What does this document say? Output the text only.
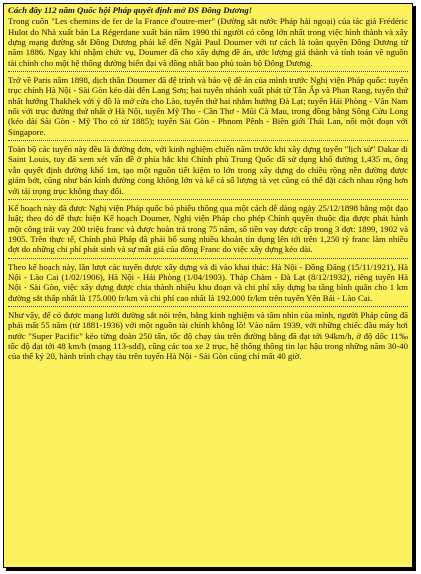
Cách đây 112 năm Quốc hội Pháp quyết định mở ĐS Đông Dương!

Trong cuốn "Les chemins de fer de la France d'outre-mer" (Đường sắt nước Pháp hải ngoại) của tác giả Frédéric Hulot do Nhà xuất bản La Régerdane xuất bản năm 1990 thì người có công lớn nhất trong việc hình thành và xây dựng mạng đường sắt Đông Dương phải kể đến Ngài Paul Doumer với tư cách là toàn quyền Đông Dương từ năm 1886. Ngay khi nhậm chức vụ, Doumer đã cho xây dựng đề án, ước lượng giá thành và tính toán về nguồn tài chính cho một hệ thống đường biển đại và đồng nhất bao phủ toàn bộ Đông Dương.

Trở về Paris năm 1898, dịch thân Doumer đã đệ trình và bảo vệ đề án của mình trước Nghị viện Pháp quốc: tuyến trục chính Hà Nội - Sài Gòn kéo dài đến Lang Sơn; hai tuyến nhánh xuất phát từ Tân Ấp và Phan Rang, tuyến thứ nhất hướng Thakhek với ý đồ là mở cửa cho Lào, tuyến thứ hai nhằm hướng Đà Lạt; tuyến Hải Phòng - Vân Nam nối với trục đường thứ nhất ở Hà Nội, tuyến Mỹ Tho - Cần Thơ - Mũi Cà Mau, trong đồng bằng Sông Cửu Long (kéo dài Sài Gòn - Mỹ Tho có từ 1885); tuyến Sài Gòn - Phnom Pênh - Biên giới Thái Lan, nối một đoạn với Singapore.

Toàn bộ các tuyến này đều là đường đơn, với kinh nghiệm chiến năm trước khi xây dựng tuyến "lịch sử" Dakar đi Saint Louis, tuy đã xem xét vấn đề ở phía bắc khi Chính phủ Trung Quốc đã sử dụng khổ đường 1,435 m, ông vẫn quyết định đường khổ 1m, tạo một nguồn tiết kiệm to lớn trong xây dựng do chiều rộng nền đường được giảm bớt, cũng như bán kính đường cong không lớn và kể cả số lượng tà vẹt cũng có thể đặt cách nhau rộng hơn với tải trọng trục không thay đổi.

Kế hoạch này đã được Nghị viện Pháp quốc bỏ phiếu thông qua một cách dễ dàng ngày 25/12/1898 bằng một đạo luật; theo đó để thực hiện Kế hoạch Doumer, Nghị viện Pháp cho phép Chính quyền thuộc địa được phát hành một công trái vay 200 triệu franc và được hoàn trả trong 75 năm, số tiền vay được cấp trong 3 đợt: 1899, 1902 và 1905. Trên thực tế, Chính phủ Pháp đã phải bổ sung nhiều khoản tín dụng lên tới trên 1,250 tỷ franc làm nhiều đợt do những chi phí phát sinh và sự mất giá của đồng Franc do việc xây dựng kéo dài.

Theo kế hoạch này, lần lượt các tuyến được xây dựng và đi vào khai thác: Hà Nội - Đồng Đăng (15/11/1921), Hà Nội - Lào Cai (1/02/1906), Hà Nội - Hải Phòng (1/04/1903). Tháp Chàm - Đà Lạt (8/12/1932), riêng tuyến Hà Nội - Sài Gòn, việc xây dựng được chia thành nhiều khu đoạn và chi phí xây dựng ba tầng bình quân cho 1 km đường sắt thấp nhất là 175.000 fr/km và chi phí cao nhất là 192.000 fr/km trên tuyến Yên Bái - Lào Cai.

Như vậy, để có được mạng lưới đường sắt nói trên, bằng kinh nghiệm và tầm nhìn của mình, người Pháp cũng đã phải mất 55 năm (từ 1881-1936) với một nguồn tài chính không lồ! Vào năm 1939, với những chiếc đầu máy hơi nước "Super Pacific" kéo từng đoàn 250 tấn, tốc độ chạy tàu trên đường bằng đã đạt tới 94km/h, ở độ dốc 11‰ tốc độ đạt tới 48 km/h (mạng 113-sdd), cũng các toa xe 2 trục, hệ thống thông tin lạc hậu trong những năm 30-40 của thế kỷ 20, hành trình chạy tàu trên tuyến Hà Nội - Sài Gòn cũng chỉ mất 40 giờ.
